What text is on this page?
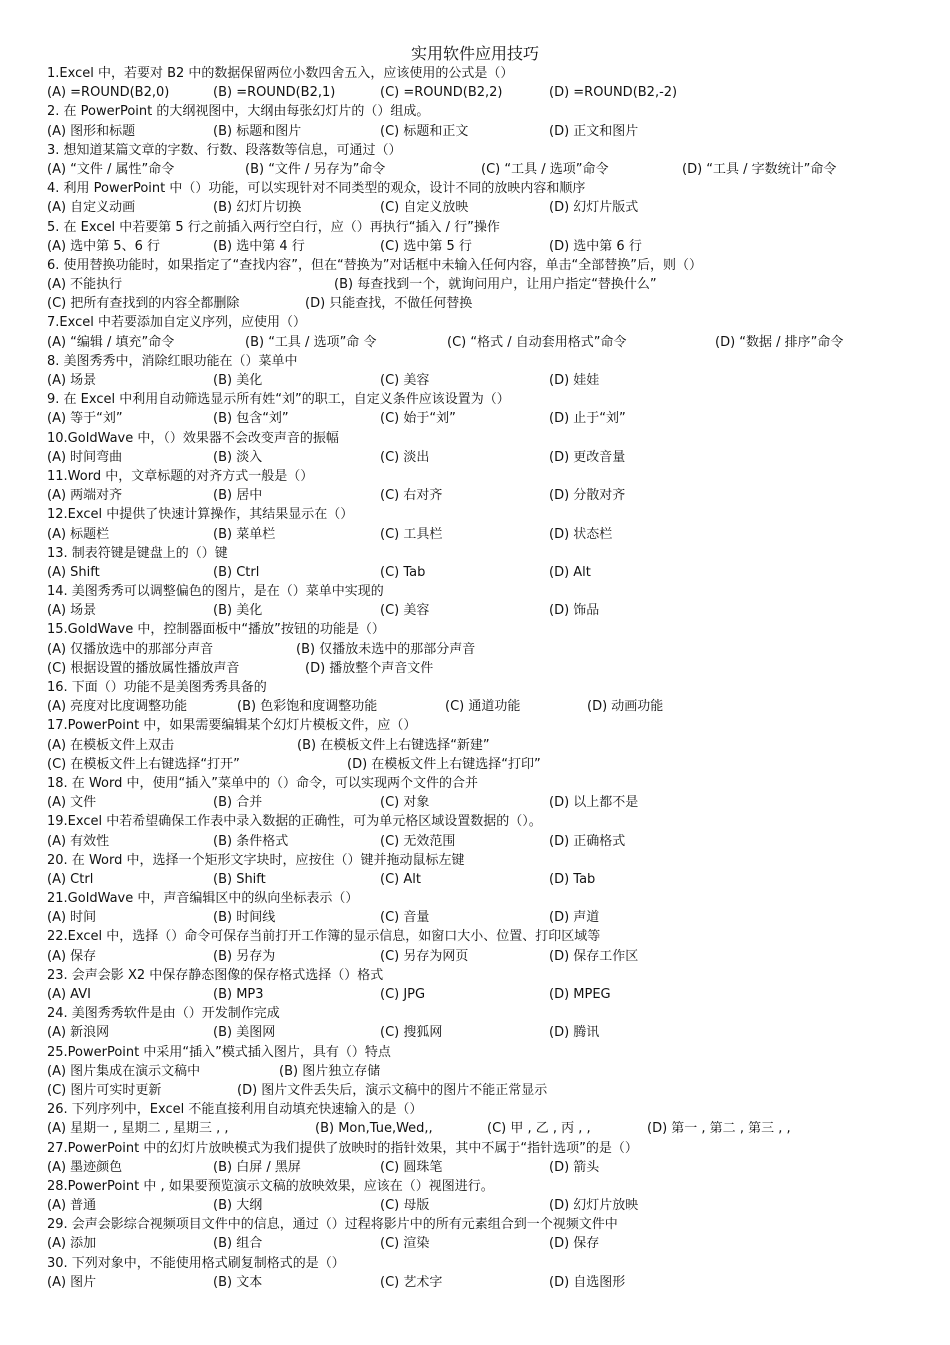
实用软件应用技巧
1.Excel 中，若要对 B2 中的数据保留两位小数四舍五入，应该使用的公式是（）
(A) =ROUND(B2,0)	(B) =ROUND(B2,1)	(C) =ROUND(B2,2)	(D) =ROUND(B2,-2)
2. 在 PowerPoint 的大纲视图中，大纲由每张幻灯片的（）组成。
(A) 图形和标题	(B) 标题和图片	(C) 标题和正文	(D) 正文和图片
3. 想知道某篇文章的字数、行数、段落数等信息，可通过（）
(A) “文件 / 属性”命令	(B) “文件 / 另存为”命令	(C) “工具 / 选项”命令	(D) “工具 / 字数统计”命令
4. 利用 PowerPoint 中（）功能，可以实现针对不同类型的观众，设计不同的放映内容和顺序
(A) 自定义动画	(B) 幻灯片切换	(C) 自定义放映	(D) 幻灯片版式
5. 在 Excel 中若要第 5 行之前插入两行空白行，应（）再执行“插入 / 行”操作
(A) 选中第 5、6 行	(B) 选中第 4 行	(C) 选中第 5 行	(D) 选中第 6 行
6. 使用替换功能时，如果指定了“查找内容”，但在“替换为”对话框中未输入任何内容，单击“全部替换”后，则（）
(A) 不能执行	(B) 每查找到一个，就询问用户，让用户指定“替换什么”
(C) 把所有查找到的内容全都删除	(D) 只能查找，不做任何替换
7.Excel 中若要添加自定义序列，应使用（）
(A) “编辑 / 填充”命令	(B) “工具 / 选项”命 令	(C) “格式 / 自动套用格式”命令	(D) “数据 / 排序”命令
8. 美图秀秀中，消除红眼功能在（）菜单中
(A) 场景	(B) 美化	(C) 美容	(D) 娃娃
9. 在 Excel 中利用自动筛选显示所有姓“刘”的职工，自定义条件应该设置为（）
(A) 等于“刘”	(B) 包含“刘”	(C) 始于“刘”	(D) 止于“刘”
10.GoldWave 中，（）效果器不会改变声音的振幅
(A) 时间弯曲	(B) 淡入	(C) 淡出	(D) 更改音量
11.Word 中，文章标题的对齐方式一般是（）
(A) 两端对齐	(B) 居中	(C) 右对齐	(D) 分散对齐
12.Excel 中提供了快速计算操作，其结果显示在（）
(A) 标题栏	(B) 菜单栏	(C) 工具栏	(D) 状态栏
13. 制表符键是键盘上的（）键
(A) Shift	(B) Ctrl	(C) Tab	(D) Alt
14. 美图秀秀可以调整偏色的图片，是在（）菜单中实现的
(A) 场景	(B) 美化	(C) 美容	(D) 饰品
15.GoldWave 中，控制器面板中“播放”按钮的功能是（）
(A) 仅播放选中的那部分声音	(B) 仅播放未选中的那部分声音
(C) 根据设置的播放属性播放声音	(D) 播放整个声音文件
16. 下面（）功能不是美图秀秀具备的
(A) 亮度对比度调整功能	(B) 色彩饱和度调整功能	(C) 通道功能	(D) 动画功能
17.PowerPoint 中，如果需要编辑某个幻灯片模板文件，应（）
(A) 在模板文件上双击	(B) 在模板文件上右键选择“新建”
(C) 在模板文件上右键选择“打开”	(D) 在模板文件上右键选择“打印”
18. 在 Word 中，使用“插入”菜单中的（）命令，可以实现两个文件的合并
(A) 文件	(B) 合并	(C) 对象	(D) 以上都不是
19.Excel 中若希望确保工作表中录入数据的正确性，可为单元格区域设置数据的（）。
(A) 有效性	(B) 条件格式	(C) 无效范围	(D) 正确格式
20. 在 Word 中，选择一个矩形文字块时，应按住（）键并拖动鼠标左键
(A) Ctrl	(B) Shift	(C) Alt	(D) Tab
21.GoldWave 中，声音编辑区中的纵向坐标表示（）
(A) 时间	(B) 时间线	(C) 音量	(D) 声道
22.Excel 中，选择（）命令可保存当前打开工作簿的显示信息，如窗口大小、位置、打印区域等
(A) 保存	(B) 另存为	(C) 另存为网页	(D) 保存工作区
23. 会声会影 X2 中保存静态图像的保存格式选择（）格式
(A) AVI	(B) MP3	(C) JPG	(D) MPEG
24. 美图秀秀软件是由（）开发制作完成
(A) 新浪网	(B) 美图网	(C) 搜狐网	(D) 腾讯
25.PowerPoint 中采用“插入”模式插入图片，具有（）特点
(A) 图片集成在演示文稿中	(B) 图片独立存储
(C) 图片可实时更新	(D) 图片文件丢失后，演示文稿中的图片不能正常显示
26. 下列序列中，Excel 不能直接利用自动填充快速输入的是（）
(A) 星期一 , 星期二 , 星期三 , ,	(B) Mon,Tue,Wed,,	(C) 甲 , 乙 , 丙 , ,	(D) 第一 , 第二 , 第三 , ,
27.PowerPoint 中的幻灯片放映模式为我们提供了放映时的指针效果，其中不属于“指针选项”的是（）
(A) 墨迹颜色	(B) 白屏 / 黑屏	(C) 圆珠笔	(D) 箭头
28.PowerPoint 中 , 如果要预览演示文稿的放映效果，应该在（）视图进行。
(A) 普通	(B) 大纲	(C) 母版	(D) 幻灯片放映
29. 会声会影综合视频项目文件中的信息，通过（）过程将影片中的所有元素组合到一个视频文件中
(A) 添加	(B) 组合	(C) 渲染	(D) 保存
30. 下列对象中，不能使用格式刷复制格式的是（）
(A) 图片	(B) 文本	(C) 艺术字	(D) 自选图形
